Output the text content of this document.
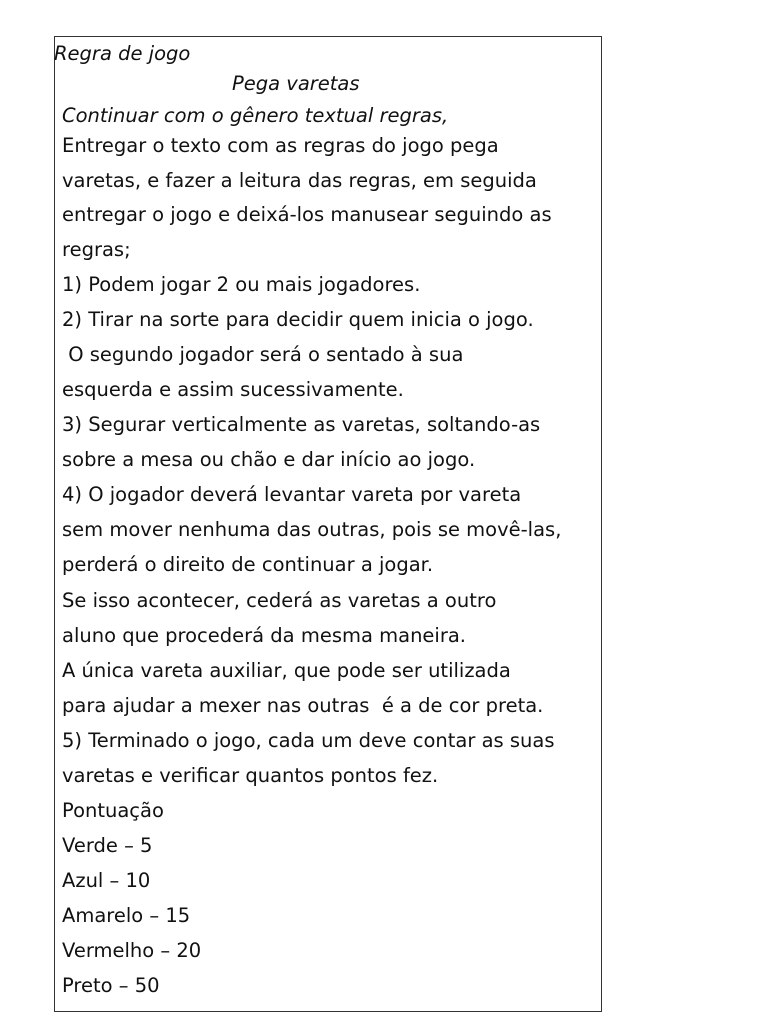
Regra de jogo
Pega varetas
Continuar com o gênero textual regras,
Entregar o texto com as regras do jogo pega
varetas, e fazer a leitura das regras, em seguida
entregar o jogo e deixá-los manusear seguindo as
regras;
1) Podem jogar 2 ou mais jogadores.
2) Tirar na sorte para decidir quem inicia o jogo.
O segundo jogador será o sentado à sua
esquerda e assim sucessivamente.
3) Segurar verticalmente as varetas, soltando-as
sobre a mesa ou chão e dar início ao jogo.
4) O jogador deverá levantar vareta por vareta
sem mover nenhuma das outras, pois se movê-las,
perderá o direito de continuar a jogar.
Se isso acontecer, cederá as varetas a outro
aluno que procederá da mesma maneira.
A única vareta auxiliar, que pode ser utilizada
para ajudar a mexer nas outras  é a de cor preta.
5) Terminado o jogo, cada um deve contar as suas
varetas e verificar quantos pontos fez.
Pontuação
Verde – 5
Azul – 10
Amarelo – 15
Vermelho – 20
Preto – 50
